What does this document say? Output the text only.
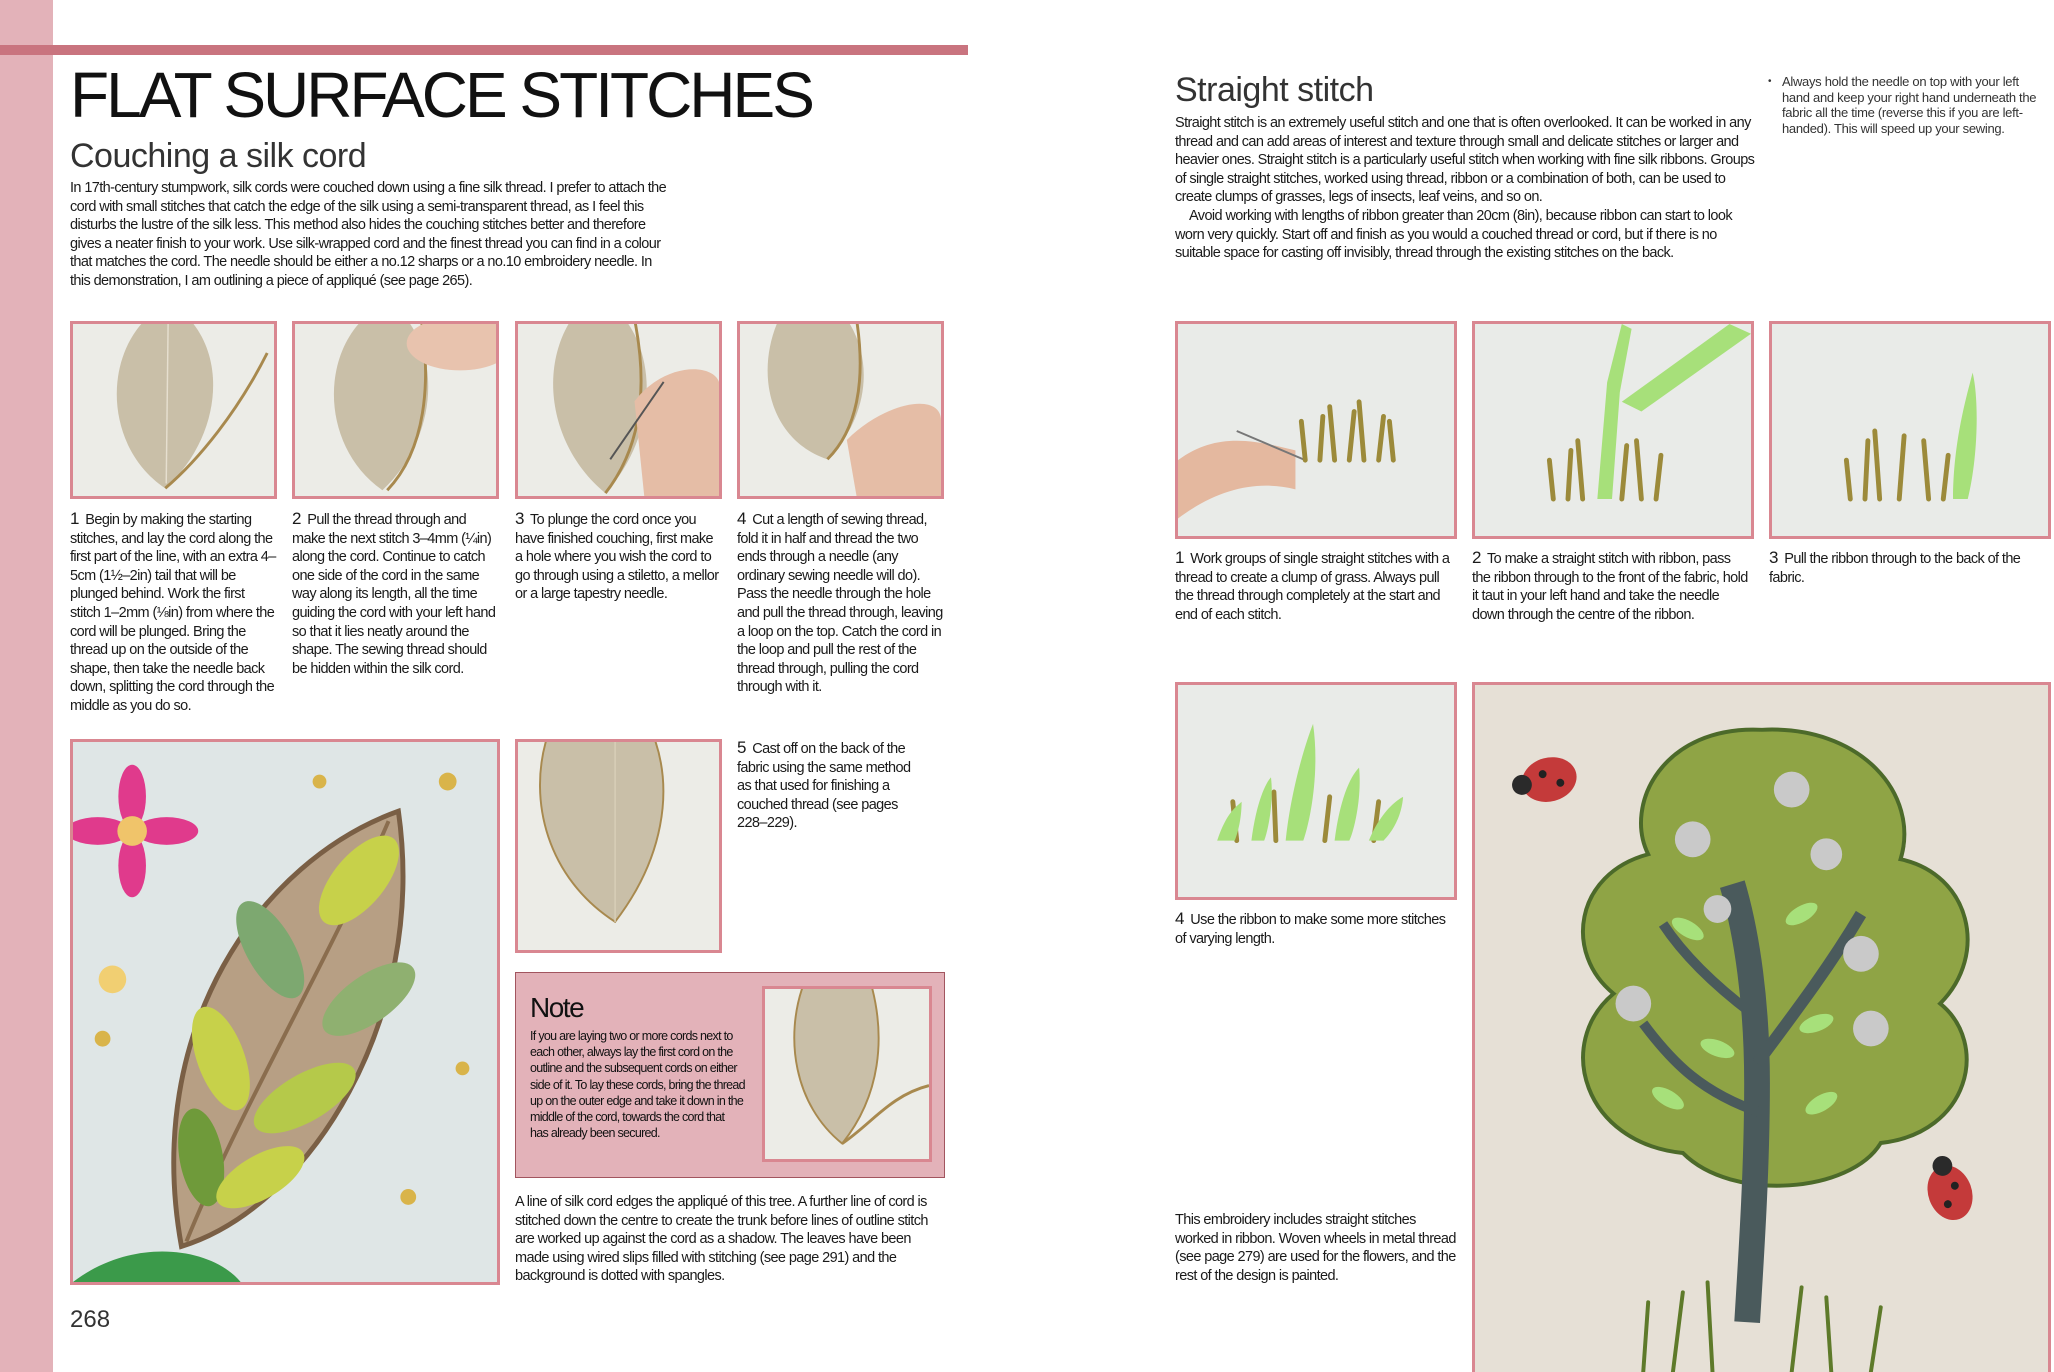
FLAT SURFACE STITCHES
Couching a silk cord
In 17th-century stumpwork, silk cords were couched down using a fine silk thread. I prefer to attach the cord with small stitches that catch the edge of the silk using a semi-transparent thread, as I feel this disturbs the lustre of the silk less. This method also hides the couching stitches better and therefore gives a neater finish to your work. Use silk-wrapped cord and the finest thread you can find in a colour that matches the cord. The needle should be either a no.12 sharps or a no.10 embroidery needle. In this demonstration, I am outlining a piece of appliqué (see page 265).
1 Begin by making the starting stitches, and lay the cord along the first part of the line, with an extra 4–5cm (1½–2in) tail that will be plunged behind. Work the first stitch 1–2mm (⅛in) from where the cord will be plunged. Bring the thread up on the outside of the shape, then take the needle back down, splitting the cord through the middle as you do so.
2 Pull the thread through and make the next stitch 3–4mm (¼in) along the cord. Continue to catch one side of the cord in the same way along its length, all the time guiding the cord with your left hand so that it lies neatly around the shape. The sewing thread should be hidden within the silk cord.
3 To plunge the cord once you have finished couching, first make a hole where you wish the cord to go through using a stiletto, a mellor or a large tapestry needle.
4 Cut a length of sewing thread, fold it in half and thread the two ends through a needle (any ordinary sewing needle will do). Pass the needle through the hole and pull the thread through, leaving a loop on the top. Catch the cord in the loop and pull the rest of the thread through, pulling the cord through with it.
5 Cast off on the back of the fabric using the same method as that used for finishing a couched thread (see pages 228–229).
Note
If you are laying two or more cords next to each other, always lay the first cord on the outline and the subsequent cords on either side of it. To lay these cords, bring the thread up on the outer edge and take it down in the middle of the cord, towards the cord that has already been secured.
A line of silk cord edges the appliqué of this tree. A further line of cord is stitched down the centre to create the trunk before lines of outline stitch are worked up against the cord as a shadow. The leaves have been made using wired slips filled with stitching (see page 291) and the background is dotted with spangles.
268
Straight stitch
Straight stitch is an extremely useful stitch and one that is often overlooked. It can be worked in any thread and can add areas of interest and texture through small and delicate stitches or larger and heavier ones. Straight stitch is a particularly useful stitch when working with fine silk ribbons. Groups of single straight stitches, worked using thread, ribbon or a combination of both, can be used to create clumps of grasses, legs of insects, leaf veins, and so on.
Avoid working with lengths of ribbon greater than 20cm (8in), because ribbon can start to look worn very quickly. Start off and finish as you would a couched thread or cord, but if there is no suitable space for casting off invisibly, thread through the existing stitches on the back.
• Always hold the needle on top with your left hand and keep your right hand underneath the fabric all the time (reverse this if you are left-handed). This will speed up your sewing.
1 Work groups of single straight stitches with a thread to create a clump of grass. Always pull the thread through completely at the start and end of each stitch.
2 To make a straight stitch with ribbon, pass the ribbon through to the front of the fabric, hold it taut in your left hand and take the needle down through the centre of the ribbon.
3 Pull the ribbon through to the back of the fabric.
4 Use the ribbon to make some more stitches of varying length.
This embroidery includes straight stitches worked in ribbon. Woven wheels in metal thread (see page 279) are used for the flowers, and the rest of the design is painted.
